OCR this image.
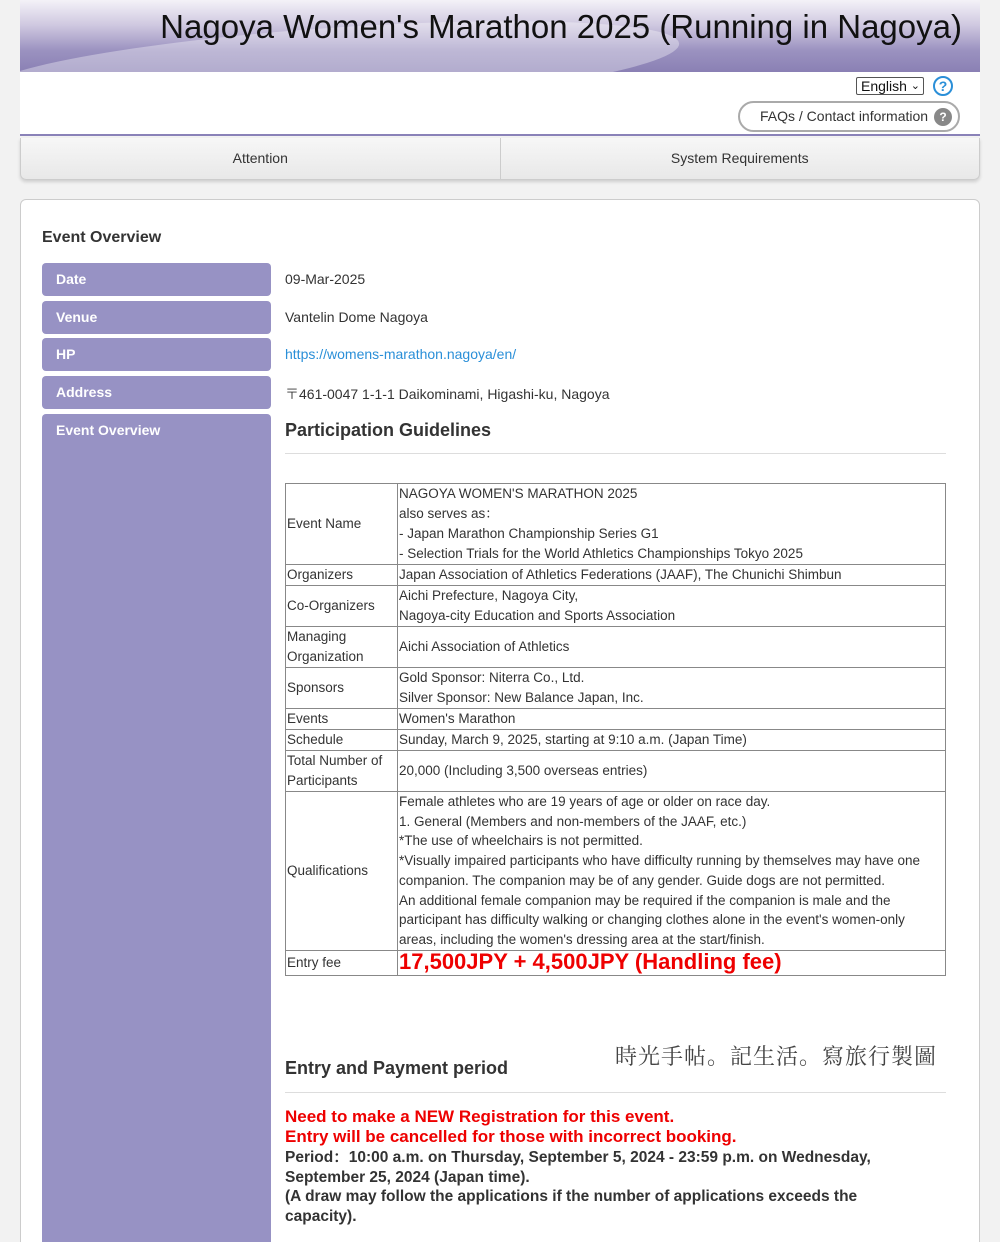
Nagoya Women's Marathon 2025 (Running in Nagoya)
English ⌄	?
FAQs / Contact information ?
Attention	System Requirements
Event Overview
Date	09-Mar-2025
Venue	Vantelin Dome Nagoya
HP	https://womens-marathon.nagoya/en/
Address	〒461-0047 1-1-1 Daikominami, Higashi-ku, Nagoya
Event Overview	Participation Guidelines
Event Name	NAGOYA WOMEN'S MARATHON 2025
also serves as：
- Japan Marathon Championship Series G1
- Selection Trials for the World Athletics Championships Tokyo 2025

Organizers	Japan Association of Athletics Federations (JAAF), The Chunichi Shimbun
Co-Organizers	Aichi Prefecture, Nagoya City,
Nagoya-city Education and Sports Association

Managing Organization	Aichi Association of Athletics
Sponsors	Gold Sponsor: Niterra Co., Ltd.
Silver Sponsor: New Balance Japan, Inc.

Events	Women's Marathon
Schedule	Sunday, March 9, 2025, starting at 9:10 a.m. (Japan Time)
Total Number of Participants	20,000 (Including 3,500 overseas entries)
Qualifications	Female athletes who are 19 years of age or older on race day.
1. General (Members and non-members of the JAAF, etc.)
*The use of wheelchairs is not permitted.
*Visually impaired participants who have difficulty running by themselves may have one companion. The companion may be of any gender. Guide dogs are not permitted.
An additional female companion may be required if the companion is male and the participant has difficulty walking or changing clothes alone in the event's women-only areas, including the women's dressing area at the start/finish.

Entry fee	17,500JPY + 4,500JPY (Handling fee)
Entry and Payment period
Need to make a NEW Registration for this event.
Entry will be cancelled for those with incorrect booking.
Period：10:00 a.m. on Thursday, September 5, 2024 - 23:59 p.m. on Wednesday, September 25, 2024 (Japan time).
(A draw may follow the applications if the number of applications exceeds the capacity).
時光手帖。記生活。寫旅行製圖
